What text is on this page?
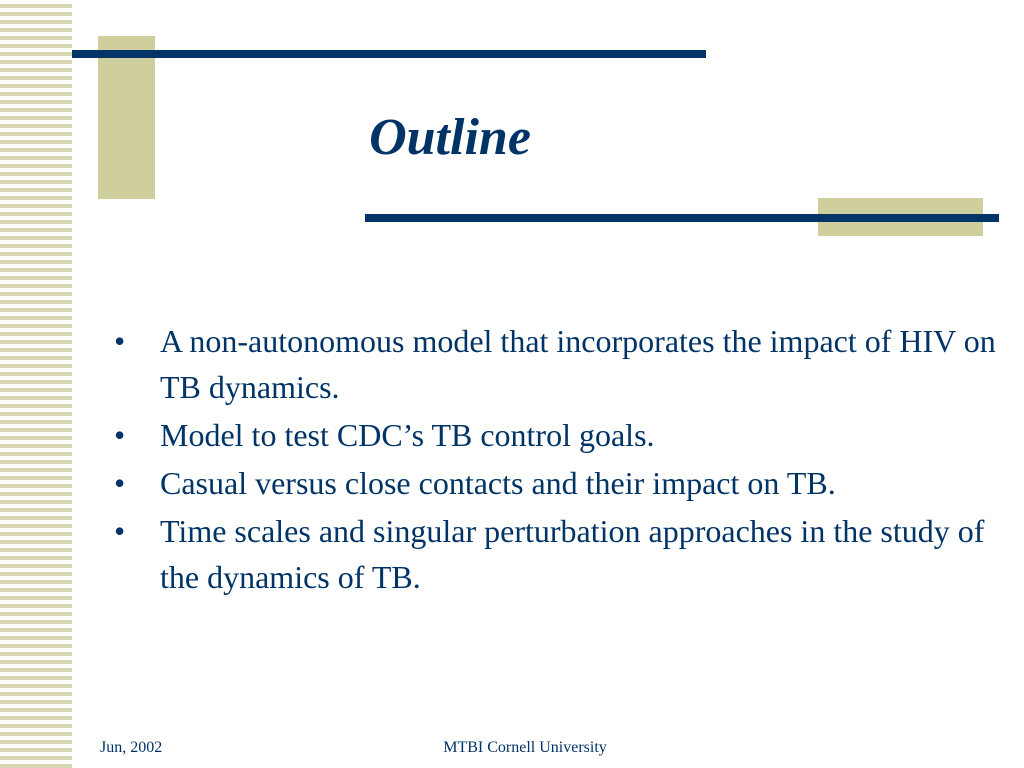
Outline
• A non-autonomous model that incorporates the impact of HIV on TB dynamics.
• Model to test CDC’s TB control goals.
• Casual versus close contacts and their impact on TB.
• Time scales and singular perturbation approaches in the study of the dynamics of TB.
Jun, 2002	MTBI Cornell University
